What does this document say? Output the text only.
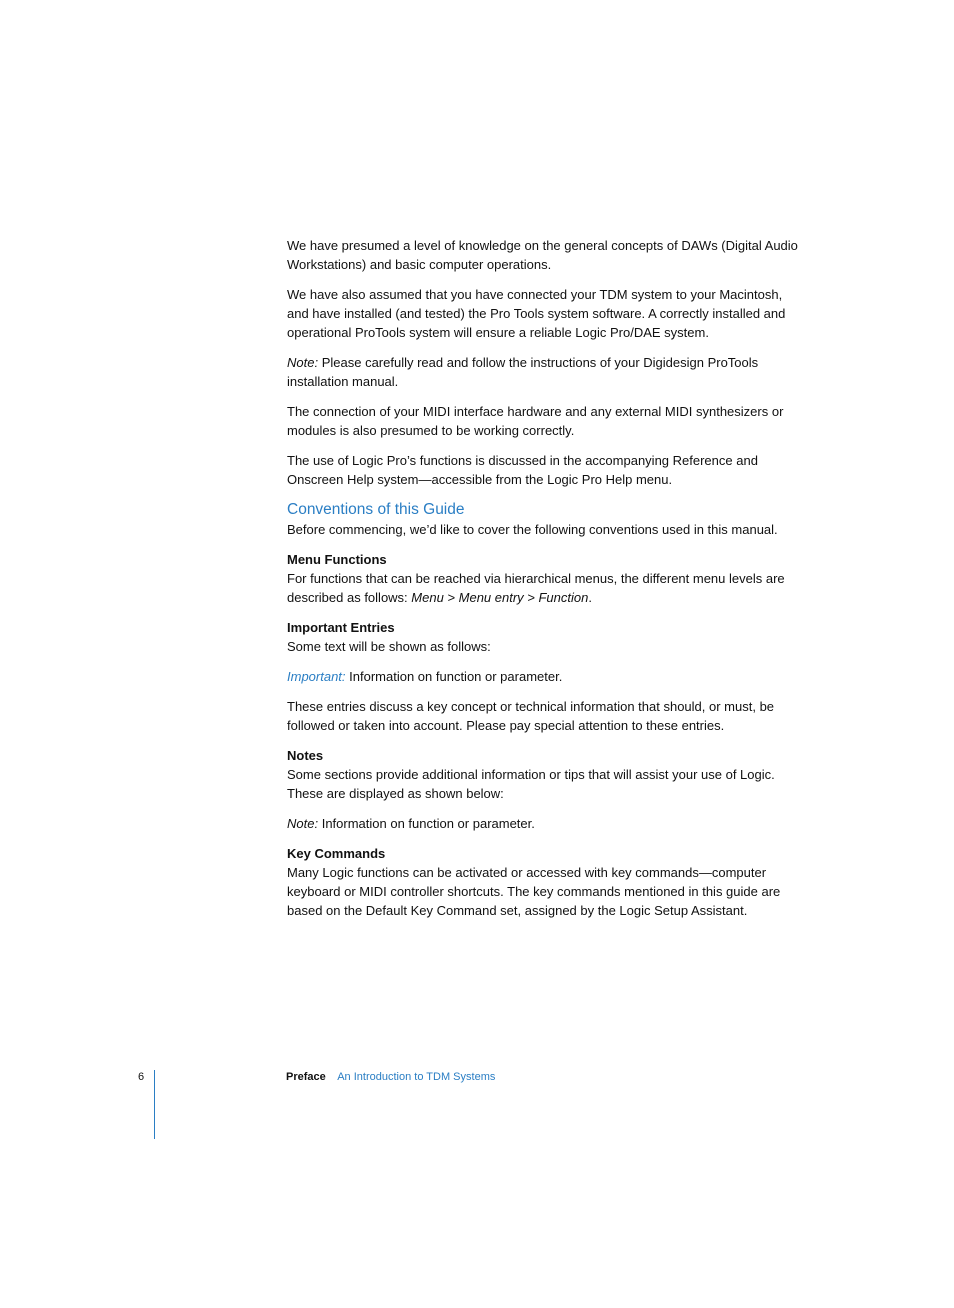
We have presumed a level of knowledge on the general concepts of DAWs (Digital Audio Workstations) and basic computer operations.

We have also assumed that you have connected your TDM system to your Macintosh, and have installed (and tested) the Pro Tools system software. A correctly installed and operational ProTools system will ensure a reliable Logic Pro/DAE system.

Note: Please carefully read and follow the instructions of your Digidesign ProTools installation manual.

The connection of your MIDI interface hardware and any external MIDI synthesizers or modules is also presumed to be working correctly.

The use of Logic Pro’s functions is discussed in the accompanying Reference and Onscreen Help system—accessible from the Logic Pro Help menu.

Conventions of this Guide

Before commencing, we’d like to cover the following conventions used in this manual.

Menu Functions
For functions that can be reached via hierarchical menus, the different menu levels are described as follows: Menu > Menu entry > Function.
Important Entries
Some text will be shown as follows:

Important: Information on function or parameter.

These entries discuss a key concept or technical information that should, or must, be followed or taken into account. Please pay special attention to these entries.

Notes
Some sections provide additional information or tips that will assist your use of Logic. These are displayed as shown below:

Note: Information on function or parameter.

Key Commands
Many Logic functions can be activated or accessed with key commands—computer keyboard or MIDI controller shortcuts. The key commands mentioned in this guide are based on the Default Key Command set, assigned by the Logic Setup Assistant.
6	Preface An Introduction to TDM Systems
